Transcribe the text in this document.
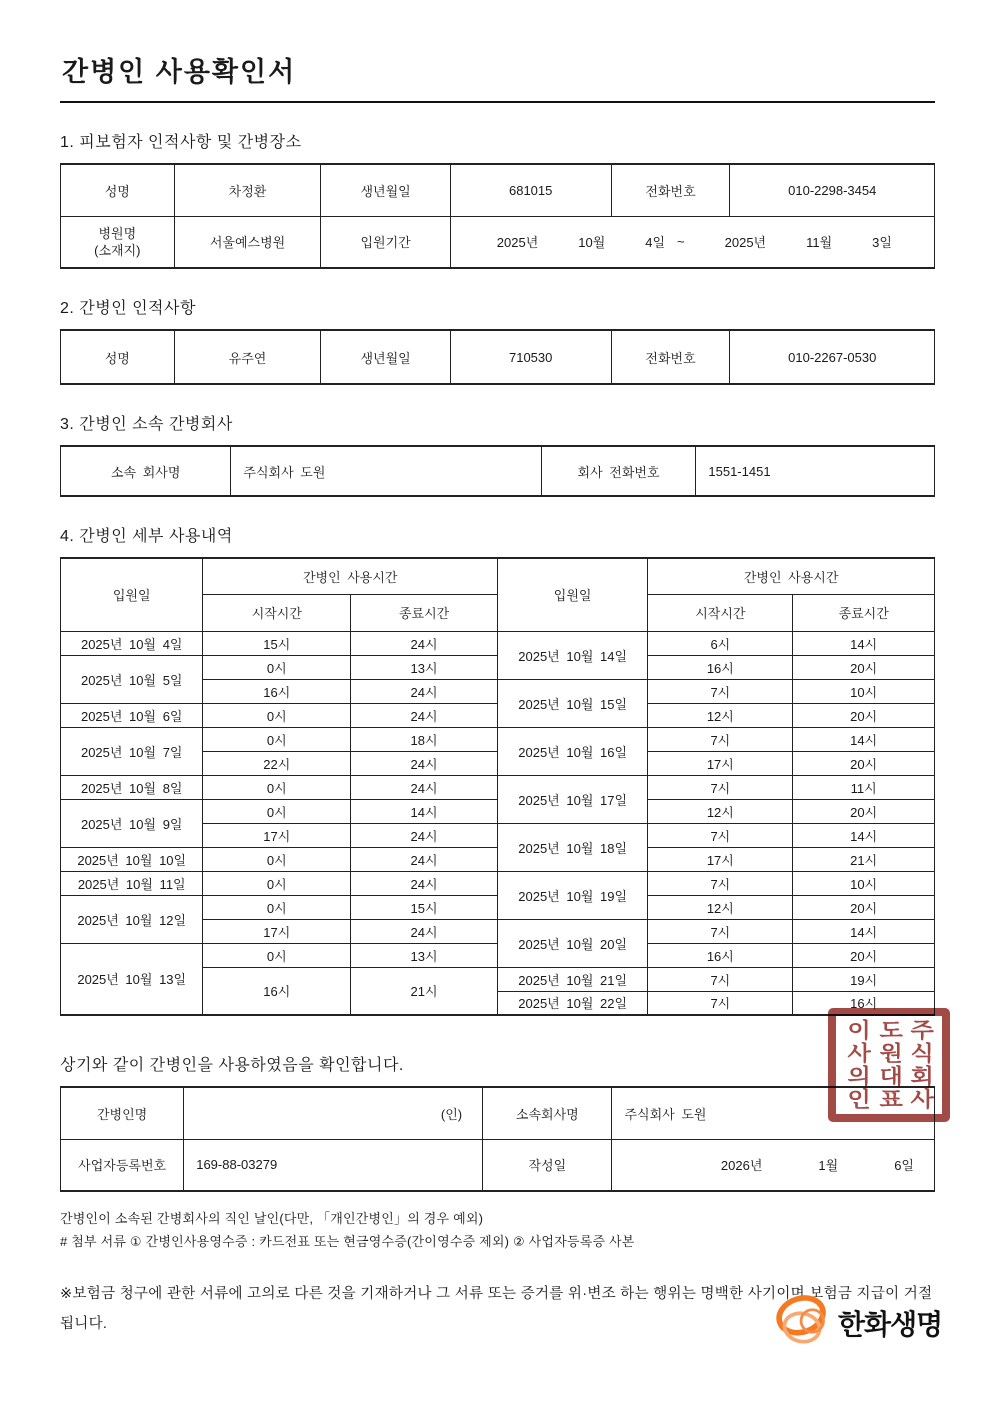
간병인 사용확인서
1. 피보험자 인적사항 및 간병장소
성명	차정환	생년월일	681015	전화번호	010-2298-3454

병원명
(소재지)	서울예스병원	입원기간	2025년	10월	4일 ~	2025년	11월	3일
2. 간병인 인적사항
성명	유주연	생년월일	710530	전화번호	010-2267-0530
3. 간병인 소속 간병회사
소속 회사명	주식회사 도원	회사 전화번호	1551-1451
4. 간병인 세부 사용내역
입원일	간병인 사용시간		입원일	간병인 사용시간	
	시작시간	종료시간		시작시간	종료시간
2025년 10월 4일	15시	24시	2025년 10월 14일	6시	14시
2025년 10월 5일	0시	13시		16시	20시
	16시	24시	2025년 10월 15일	7시	10시
2025년 10월 6일	0시	24시		12시	20시
2025년 10월 7일	0시	18시	2025년 10월 16일	7시	14시
	22시	24시		17시	20시
2025년 10월 8일	0시	24시	2025년 10월 17일	7시	11시
2025년 10월 9일	0시	14시		12시	20시
	17시	24시	2025년 10월 18일	7시	14시
2025년 10월 10일	0시	24시		17시	21시
2025년 10월 11일	0시	24시	2025년 10월 19일	7시	10시
2025년 10월 12일	0시	15시		12시	20시
	17시	24시	2025년 10월 20일	7시	14시
2025년 10월 13일	0시	13시		16시	20시
	16시	21시	2025년 10월 21일	7시	19시
			2025년 10월 22일	7시	16시
상기와 같이 간병인을 사용하였음을 확인합니다.
간병인명	(인)	소속회사명	주식회사 도원
사업자등록번호	169-88-03279	작성일	2026년 1월 6일
간병인이 소속된 간병회사의 직인 날인(다만, 「개인간병인」의 경우 예외)
# 첨부 서류 ① 간병인사용영수증 : 카드전표 또는 현금영수증(간이영수증 제외) ② 사업자등록증 사본
※보험금 청구에 관한 서류에 고의로 다른 것을 기재하거나 그 서류 또는 증거를 위·변조 하는 행위는 명백한 사기이며 보험금 지급이 거절됩니다.
주식회사
도원대표
이사의인
한화생명
